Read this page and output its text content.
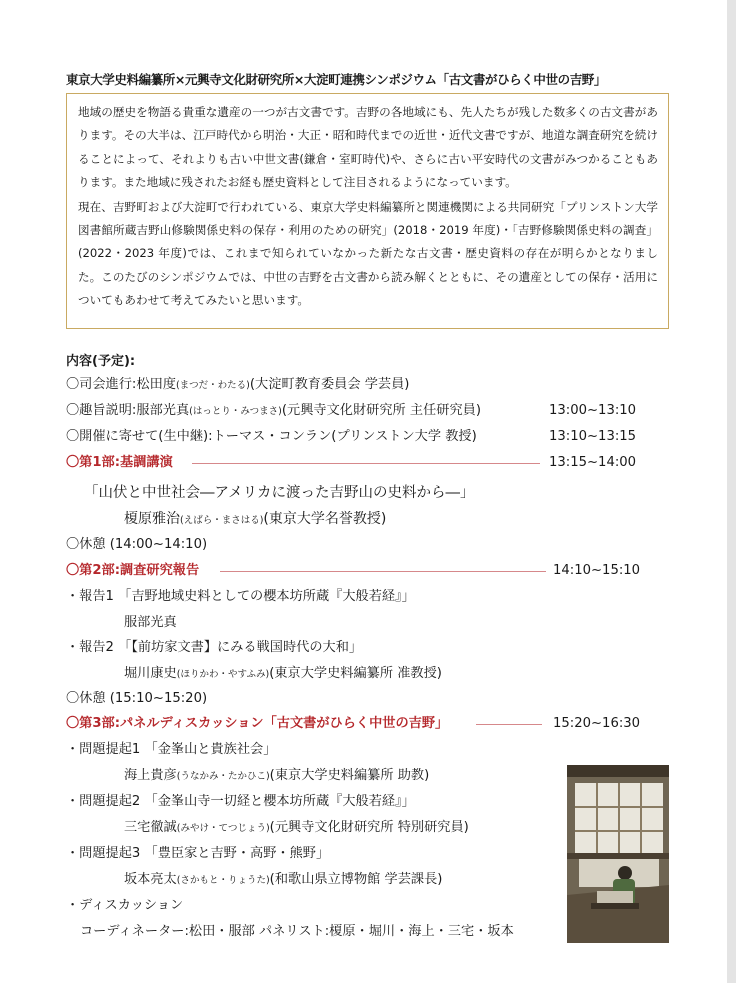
東京大学史料編纂所×元興寺文化財研究所×大淀町連携シンポジウム「古文書がひらく中世の吉野」

地域の歴史を物語る貴重な遺産の一つが古文書です。吉野の各地域にも、先人たちが残した数多くの古文書があります。その大半は、江戸時代から明治・大正・昭和時代までの近世・近代文書ですが、地道な調査研究を続けることによって、それよりも古い中世文書(鎌倉・室町時代)や、さらに古い平安時代の文書がみつかることもあります。また地域に残されたお経も歴史資料として注目されるようになっています。

現在、吉野町および大淀町で行われている、東京大学史料編纂所と関連機関による共同研究「プリンストン大学図書館所蔵吉野山修験関係史料の保存・利用のための研究」(2018・2019 年度)・「吉野修験関係史料の調査」(2022・2023 年度)では、これまで知られていなかった新たな古文書・歴史資料の存在が明らかとなりました。このたびのシンポジウムでは、中世の吉野を古文書から読み解くとともに、その遺産としての保存・活用についてもあわせて考えてみたいと思います。

内容(予定):
〇司会進行:松田度(まつだ・わたる)(大淀町教育委員会 学芸員)
〇趣旨説明:服部光真(はっとり・みつまさ)(元興寺文化財研究所 主任研究員)	13:00~13:10
〇開催に寄せて(生中継):トーマス・コンラン(プリンストン大学 教授)	13:10~13:15
〇第1部:基調講演	13:15~14:00
「山伏と中世社会―アメリカに渡った吉野山の史料から―」
榎原雅治(えばら・まさはる)(東京大学名誉教授)
〇休憩 (14:00~14:10)
〇第2部:調査研究報告	14:10~15:10
・報告1 「吉野地域史料としての櫻本坊所蔵『大般若経』」
服部光真
・報告2 「【前坊家文書】にみる戦国時代の大和」
堀川康史(ほりかわ・やすふみ)(東京大学史料編纂所 准教授)
〇休憩 (15:10~15:20)
〇第3部:パネルディスカッション「古文書がひらく中世の吉野」	15:20~16:30
・問題提起1 「金峯山と貴族社会」
海上貴彦(うなかみ・たかひこ)(東京大学史料編纂所 助教)
・問題提起2 「金峯山寺一切経と櫻本坊所蔵『大般若経』」
三宅徹誠(みやけ・てつじょう)(元興寺文化財研究所 特別研究員)
・問題提起3 「豊臣家と吉野・高野・熊野」
坂本亮太(さかもと・りょうた)(和歌山県立博物館 学芸課長)
・ディスカッション
コーディネーター:松田・服部 パネリスト:榎原・堀川・海上・三宅・坂本
